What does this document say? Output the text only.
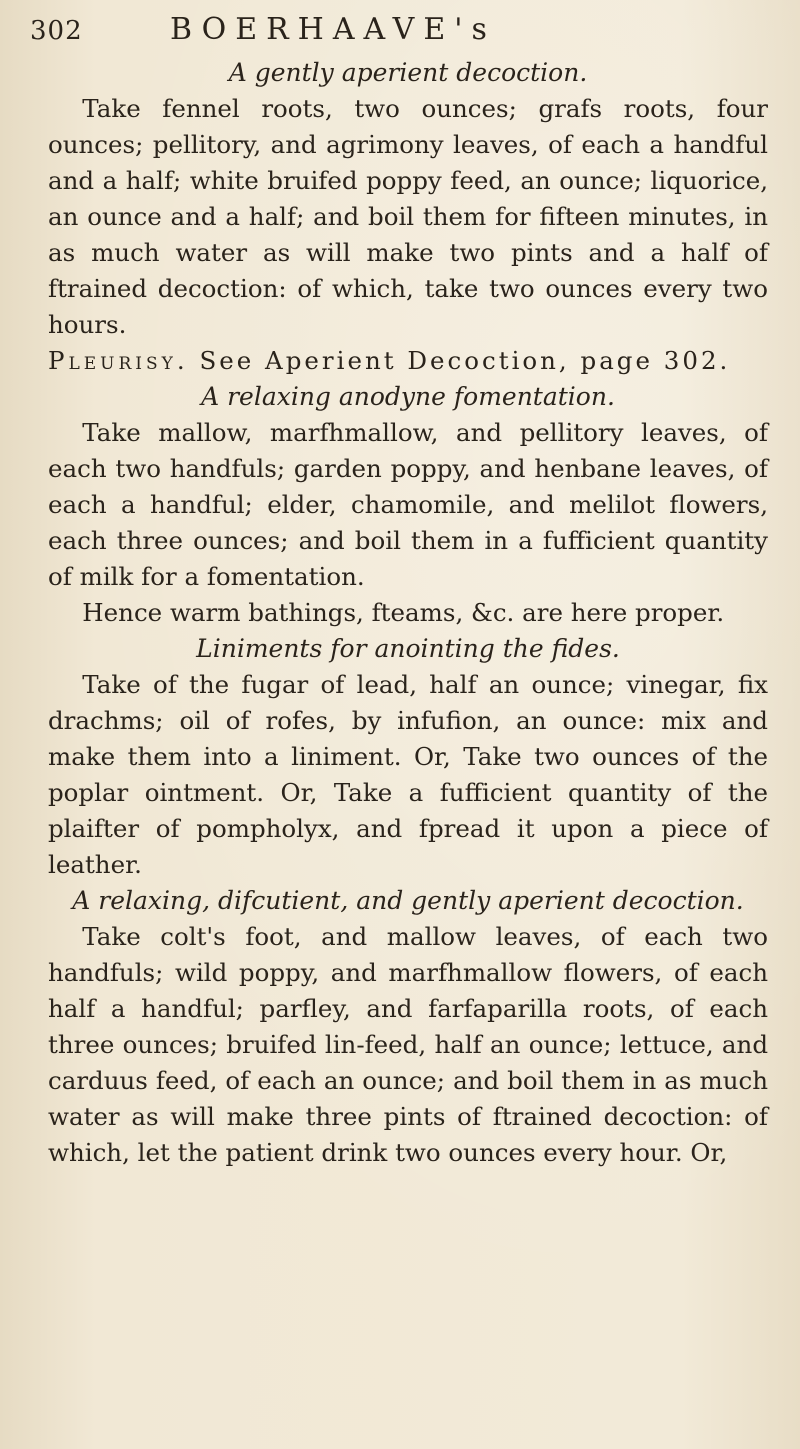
302	BOERHAAVE's
A gently aperient decoction.

Take fennel roots, two ounces; grafs roots, four ounces; pellitory, and agrimony leaves, of each a handful and a half; white bruifed poppy feed, an ounce; liquorice, an ounce and a half; and boil them for fifteen minutes, in as much water as will make two pints and a half of ftrained decoction: of which, take two ounces every two hours.

Pleurisy. See Aperient Decoction, page 302.

A relaxing anodyne fomentation.

Take mallow, marfhmallow, and pellitory leaves, of each two handfuls; garden poppy, and henbane leaves, of each a handful; elder, chamomile, and melilot flowers, each three ounces; and boil them in a fufficient quantity of milk for a fomentation.

Hence warm bathings, fteams, &c. are here proper.

Liniments for anointing the fides.

Take of the fugar of lead, half an ounce; vinegar, fix drachms; oil of rofes, by infufion, an ounce: mix and make them into a liniment. Or, Take two ounces of the poplar ointment. Or, Take a fufficient quantity of the plaifter of pompholyx, and fpread it upon a piece of leather.

A relaxing, difcutient, and gently aperient decoction.

Take colt's foot, and mallow leaves, of each two handfuls; wild poppy, and marfhmallow flowers, of each half a handful; parfley, and farfaparilla roots, of each three ounces; bruifed lin-feed, half an ounce; lettuce, and carduus feed, of each an ounce; and boil them in as much water as will make three pints of ftrained decoction: of which, let the patient drink two ounces every hour. Or,
